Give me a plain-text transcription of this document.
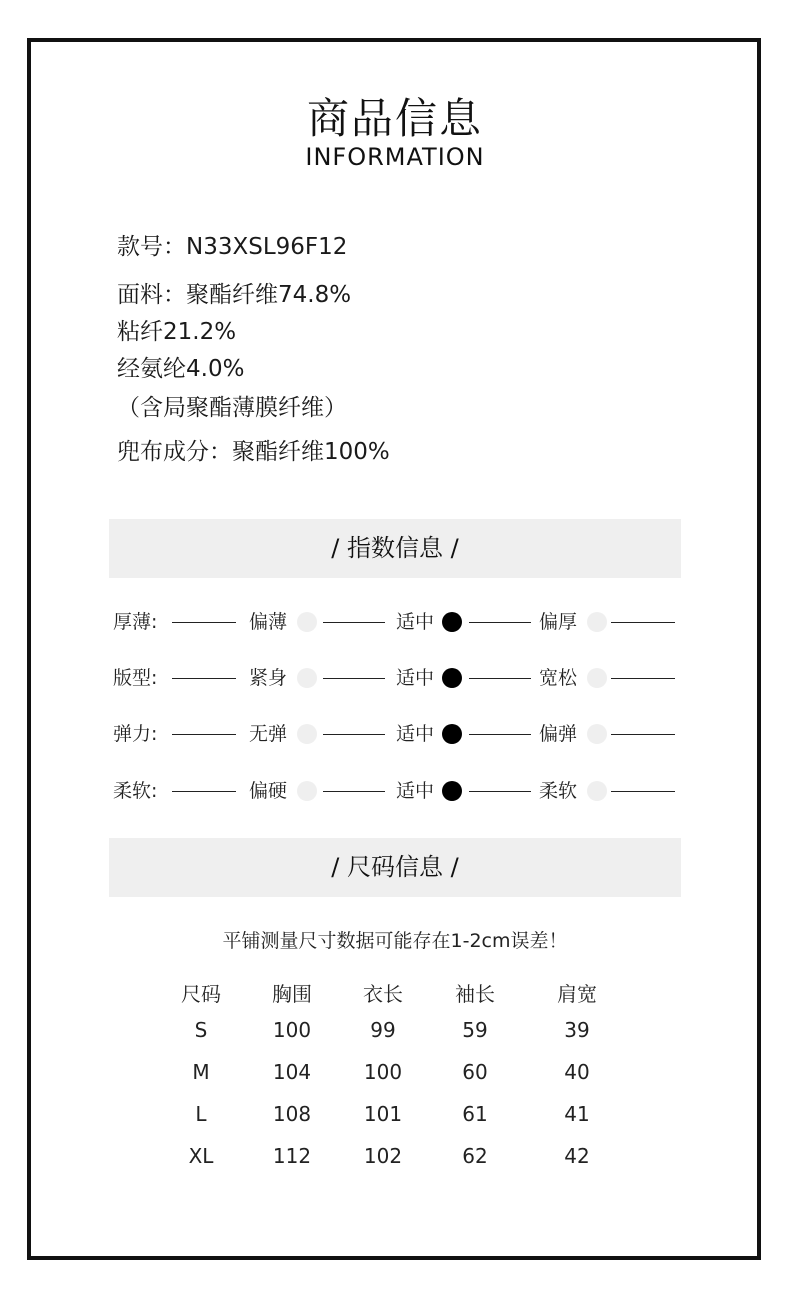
商品信息
INFORMATION
款号：N33XSL96F12
面料：聚酯纤维74.8%
粘纤21.2%
经氨纶4.0%
（含局聚酯薄膜纤维）
兜布成分：聚酯纤维100%
/ 指数信息 /
厚薄:	偏薄	适中	偏厚
版型:	紧身	适中	宽松
弹力:	无弹	适中	偏弹
柔软:	偏硬	适中	柔软
/ 尺码信息 /
平铺测量尺寸数据可能存在1-2cm误差！
尺码	胸围	衣长	袖长	肩宽
S	100	99	59	39
M	104	100	60	40
L	108	101	61	41
XL	112	102	62	42
